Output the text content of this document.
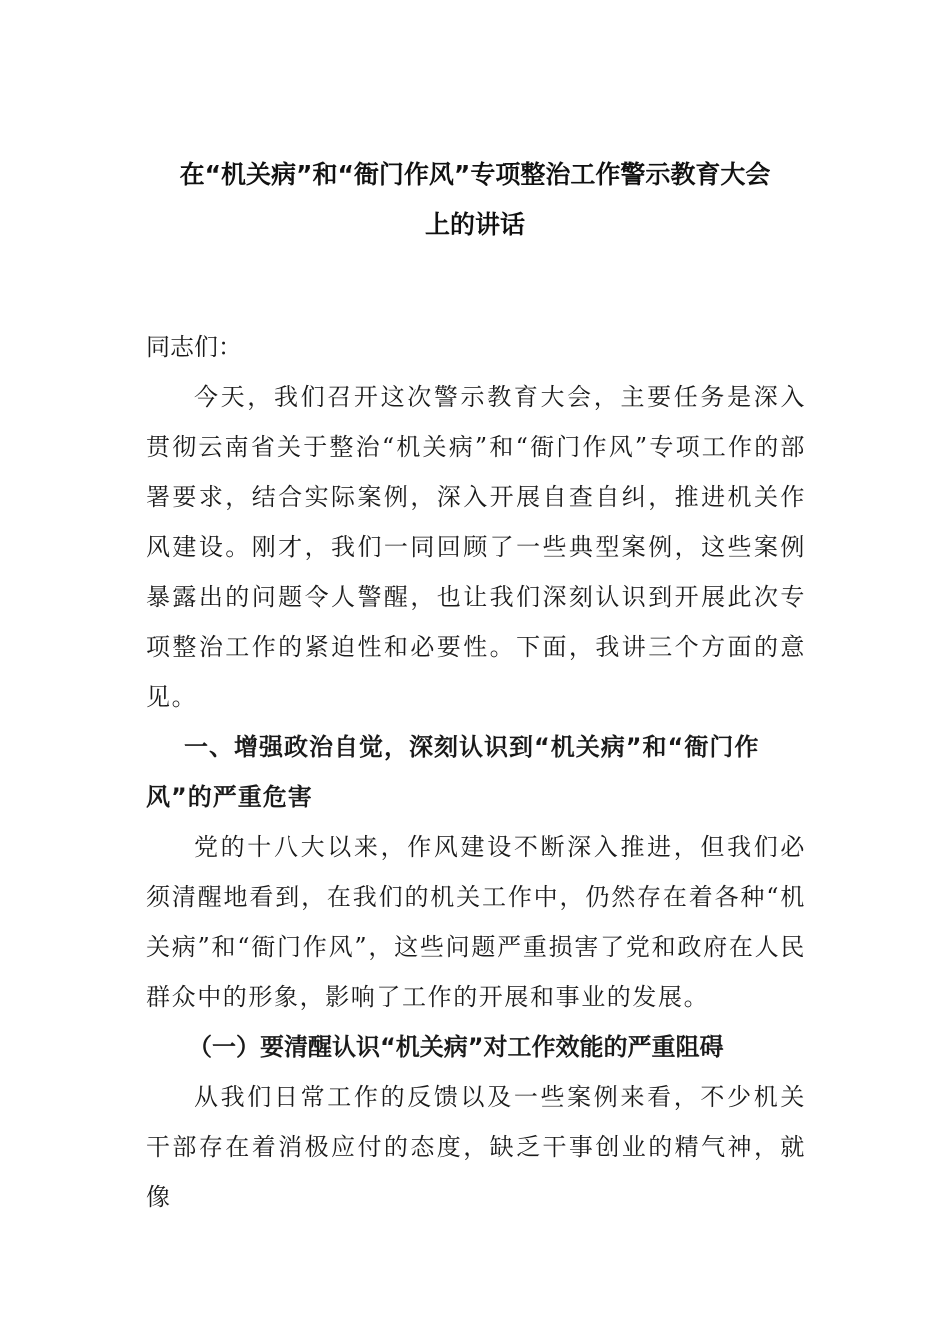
在“机关病”和“衙门作风”专项整治工作警示教育大会
上的讲话

同志们：

今天，我们召开这次警示教育大会，主要任务是深入贯彻云南省关于整治“机关病”和“衙门作风”专项工作的部署要求，结合实际案例，深入开展自查自纠，推进机关作风建设。刚才，我们一同回顾了一些典型案例，这些案例暴露出的问题令人警醒，也让我们深刻认识到开展此次专项整治工作的紧迫性和必要性。下面，我讲三个方面的意见。

一、增强政治自觉，深刻认识到“机关病”和“衙门作风”的严重危害

党的十八大以来，作风建设不断深入推进，但我们必须清醒地看到，在我们的机关工作中，仍然存在着各种“机关病”和“衙门作风”，这些问题严重损害了党和政府在人民群众中的形象，影响了工作的开展和事业的发展。

（一）要清醒认识“机关病”对工作效能的严重阻碍

从我们日常工作的反馈以及一些案例来看，不少机关干部存在着消极应付的态度，缺乏干事创业的精气神，就像
